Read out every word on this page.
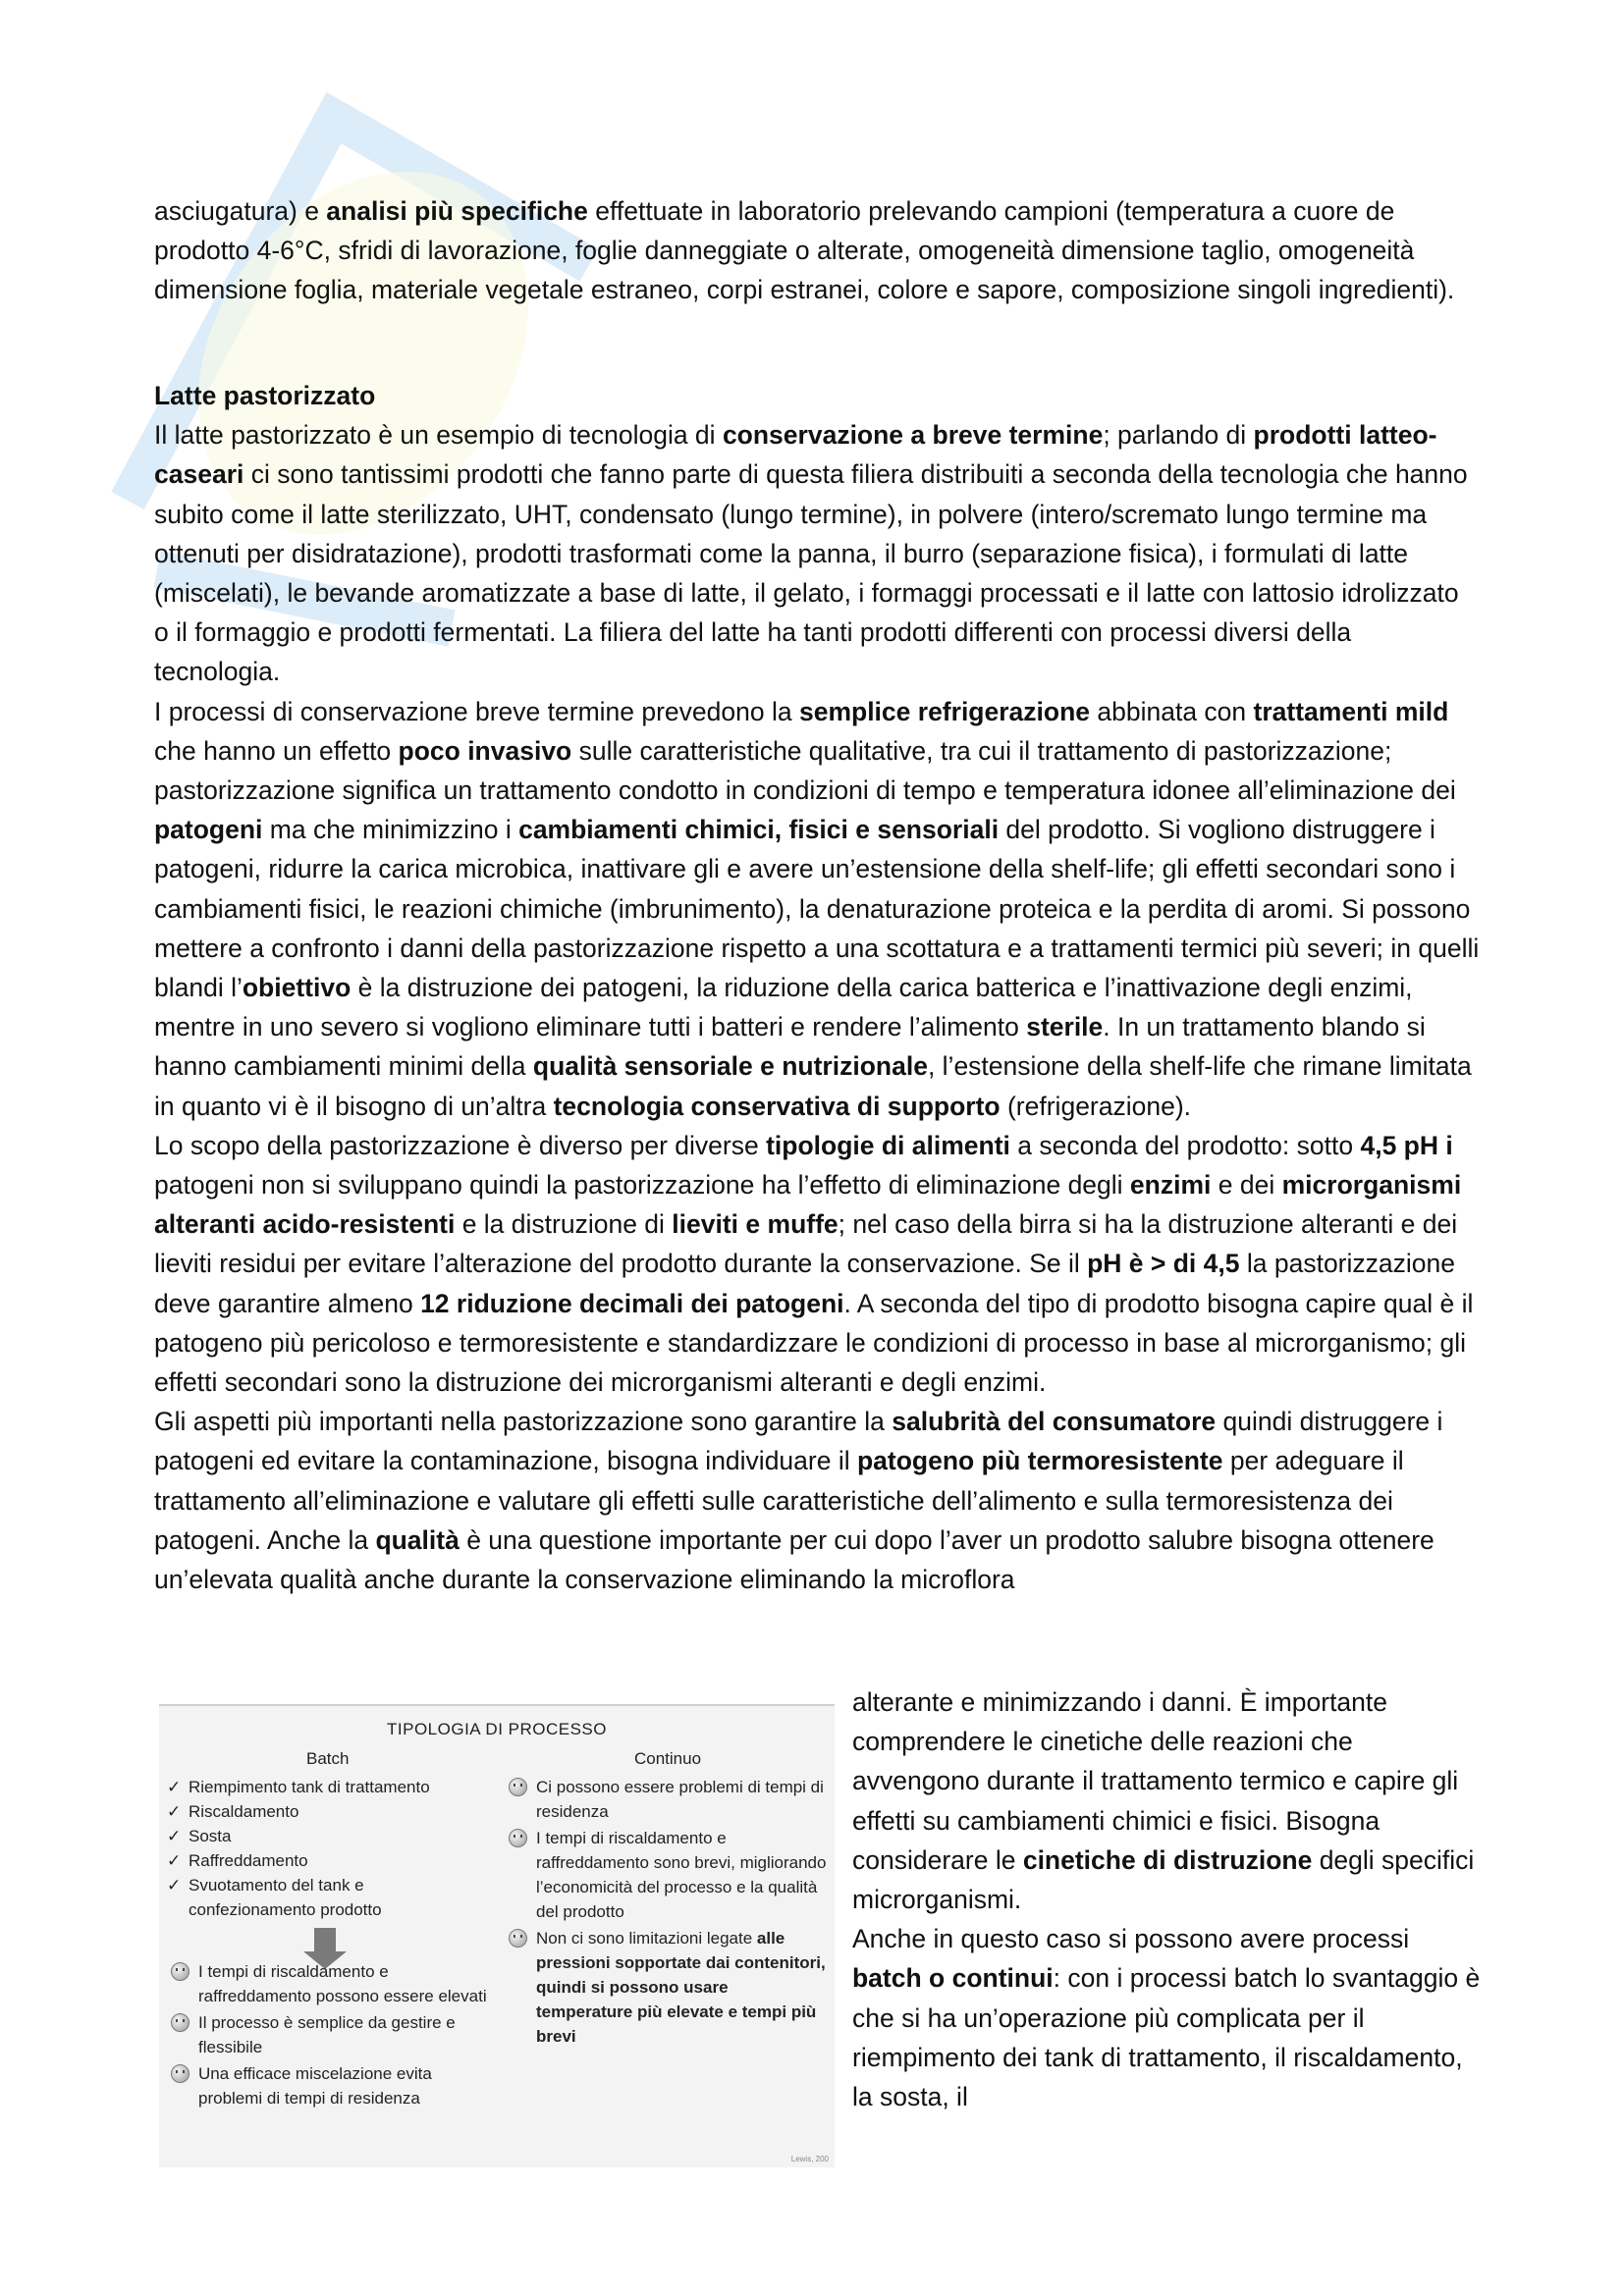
asciugatura) e analisi più specifiche effettuate in laboratorio prelevando campioni (temperatura a cuore de prodotto 4-6°C, sfridi di lavorazione, foglie danneggiate o alterate, omogeneità dimensione taglio, omogeneità dimensione foglia, materiale vegetale estraneo, corpi estranei, colore e sapore, composizione singoli ingredienti).

Latte pastorizzato

Il latte pastorizzato è un esempio di tecnologia di conservazione a breve termine; parlando di prodotti latteo-caseari ci sono tantissimi prodotti che fanno parte di questa filiera distribuiti a seconda della tecnologia che hanno subito come il latte sterilizzato, UHT, condensato (lungo termine), in polvere (intero/scremato lungo termine ma ottenuti per disidratazione), prodotti trasformati come la panna, il burro (separazione fisica), i formulati di latte (miscelati), le bevande aromatizzate a base di latte, il gelato, i formaggi processati e il latte con lattosio idrolizzato o il formaggio e prodotti fermentati. La filiera del latte ha tanti prodotti differenti con processi diversi della tecnologia.

I processi di conservazione breve termine prevedono la semplice refrigerazione abbinata con trattamenti mild che hanno un effetto poco invasivo sulle caratteristiche qualitative, tra cui il trattamento di pastorizzazione; pastorizzazione significa un trattamento condotto in condizioni di tempo e temperatura idonee all’eliminazione dei patogeni ma che minimizzino i cambiamenti chimici, fisici e sensoriali del prodotto. Si vogliono distruggere i patogeni, ridurre la carica microbica, inattivare gli e avere un’estensione della shelf-life; gli effetti secondari sono i cambiamenti fisici, le reazioni chimiche (imbrunimento), la denaturazione proteica e la perdita di aromi. Si possono mettere a confronto i danni della pastorizzazione rispetto a una scottatura e a trattamenti termici più severi; in quelli blandi l’obiettivo è la distruzione dei patogeni, la riduzione della carica batterica e l’inattivazione degli enzimi, mentre in uno severo si vogliono eliminare tutti i batteri e rendere l’alimento sterile. In un trattamento blando si hanno cambiamenti minimi della qualità sensoriale e nutrizionale, l’estensione della shelf-life che rimane limitata in quanto vi è il bisogno di un’altra tecnologia conservativa di supporto (refrigerazione).

Lo scopo della pastorizzazione è diverso per diverse tipologie di alimenti a seconda del prodotto: sotto 4,5 pH i patogeni non si sviluppano quindi la pastorizzazione ha l’effetto di eliminazione degli enzimi e dei microrganismi alteranti acido-resistenti e la distruzione di lieviti e muffe; nel caso della birra si ha la distruzione alteranti e dei lieviti residui per evitare l’alterazione del prodotto durante la conservazione. Se il pH è > di 4,5 la pastorizzazione deve garantire almeno 12 riduzione decimali dei patogeni. A seconda del tipo di prodotto bisogna capire qual è il patogeno più pericoloso e termoresistente e standardizzare le condizioni di processo in base al microrganismo; gli effetti secondari sono la distruzione dei microrganismi alteranti e degli enzimi.

Gli aspetti più importanti nella pastorizzazione sono garantire la salubrità del consumatore quindi distruggere i patogeni ed evitare la contaminazione, bisogna individuare il patogeno più termoresistente per adeguare il trattamento all’eliminazione e valutare gli effetti sulle caratteristiche dell’alimento e sulla termoresistenza dei patogeni. Anche la qualità è una questione importante per cui dopo l’aver un prodotto salubre bisogna ottenere un’elevata qualità anche durante la conservazione eliminando la microflora

TIPOLOGIA DI PROCESSO
Batch	Continuo
✓ Riempimento tank di trattamento
✓ Riscaldamento
✓ Sosta
✓ Raffreddamento
✓ Svuotamento del tank e confezionamento prodotto
I tempi di riscaldamento e raffreddamento possono essere elevati
Il processo è semplice da gestire e flessibile
Una efficace miscelazione evita problemi di tempi di residenza
Ci possono essere problemi di tempi di residenza
I tempi di riscaldamento e raffreddamento sono brevi, migliorando l’economicità del processo e la qualità del prodotto
Non ci sono limitazioni legate alle pressioni sopportate dai contenitori, quindi si possono usare temperature più elevate e tempi più brevi
Lewis, 200

alterante e minimizzando i danni. È importante comprendere le cinetiche delle reazioni che avvengono durante il trattamento termico e capire gli effetti su cambiamenti chimici e fisici. Bisogna considerare le cinetiche di distruzione degli specifici microrganismi.

Anche in questo caso si possono avere processi batch o continui: con i processi batch lo svantaggio è che si ha un’operazione più complicata per il riempimento dei tank di trattamento, il riscaldamento, la sosta, il
